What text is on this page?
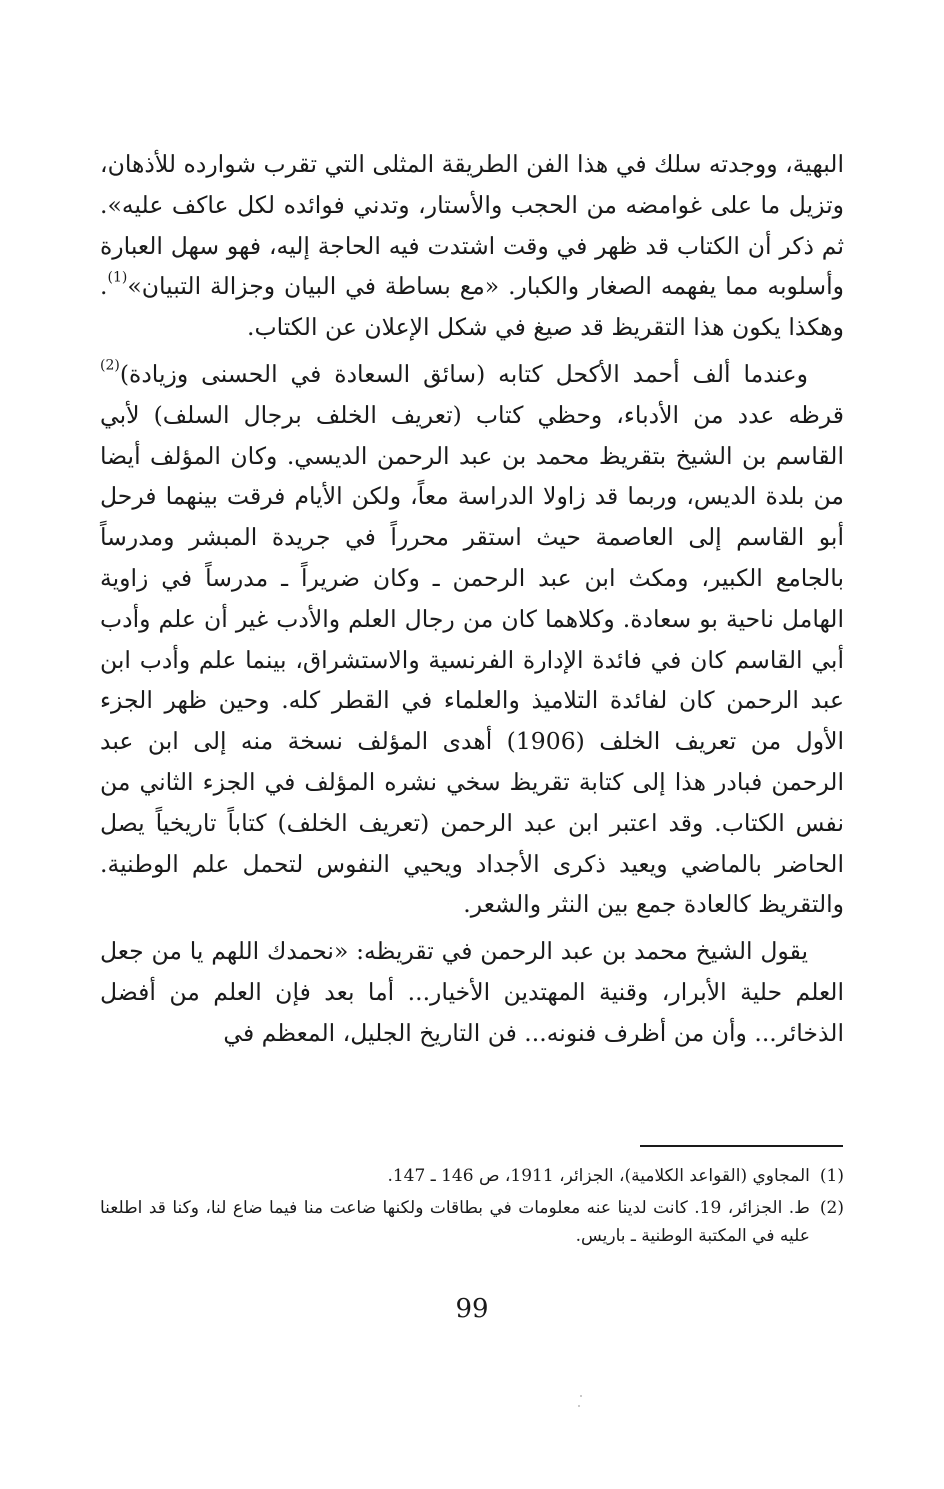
البهية، ووجدته سلك في هذا الفن الطريقة المثلى التي تقرب شوارده للأذهان، وتزيل ما على غوامضه من الحجب والأستار، وتدني فوائده لكل عاكف عليه». ثم ذكر أن الكتاب قد ظهر في وقت اشتدت فيه الحاجة إليه، فهو سهل العبارة وأسلوبه مما يفهمه الصغار والكبار. «مع بساطة في البيان وجزالة التبيان»$^{(1)}$. وهكذا يكون هذا التقريظ قد صيغ في شكل الإعلان عن الكتاب.

وعندما ألف أحمد الأكحل كتابه (سائق السعادة في الحسنى وزيادة)$^{(2)}$ قرظه عدد من الأدباء، وحظي كتاب (تعريف الخلف برجال السلف) لأبي القاسم بن الشيخ بتقريظ محمد بن عبد الرحمن الديسي. وكان المؤلف أيضا من بلدة الديس، وربما قد زاولا الدراسة معاً، ولكن الأيام فرقت بينهما فرحل أبو القاسم إلى العاصمة حيث استقر محرراً في جريدة المبشر ومدرساً بالجامع الكبير، ومكث ابن عبد الرحمن ـ وكان ضريراً ـ مدرساً في زاوية الهامل ناحية بو سعادة. وكلاهما كان من رجال العلم والأدب غير أن علم وأدب أبي القاسم كان في فائدة الإدارة الفرنسية والاستشراق، بينما علم وأدب ابن عبد الرحمن كان لفائدة التلاميذ والعلماء في القطر كله. وحين ظهر الجزء الأول من تعريف الخلف (1906) أهدى المؤلف نسخة منه إلى ابن عبد الرحمن فبادر هذا إلى كتابة تقريظ سخي نشره المؤلف في الجزء الثاني من نفس الكتاب. وقد اعتبر ابن عبد الرحمن (تعريف الخلف) كتاباً تاريخياً يصل الحاضر بالماضي ويعيد ذكرى الأجداد ويحيي النفوس لتحمل علم الوطنية. والتقريظ كالعادة جمع بين النثر والشعر.

يقول الشيخ محمد بن عبد الرحمن في تقريظه: «نحمدك اللهم يا من جعل العلم حلية الأبرار، وقنية المهتدين الأخيار... أما بعد فإن العلم من أفضل الذخائر... وأن من أظرف فنونه... فن التاريخ الجليل، المعظم في

(1)
المجاوي (القواعد الكلامية)، الجزائر، 1911، ص 146 ـ 147.
(2)
ط. الجزائر، 19. كانت لدينا عنه معلومات في بطاقات ولكنها ضاعت منا فيما ضاع لنا، وكنا قد اطلعنا عليه في المكتبة الوطنية ـ باريس.
99
